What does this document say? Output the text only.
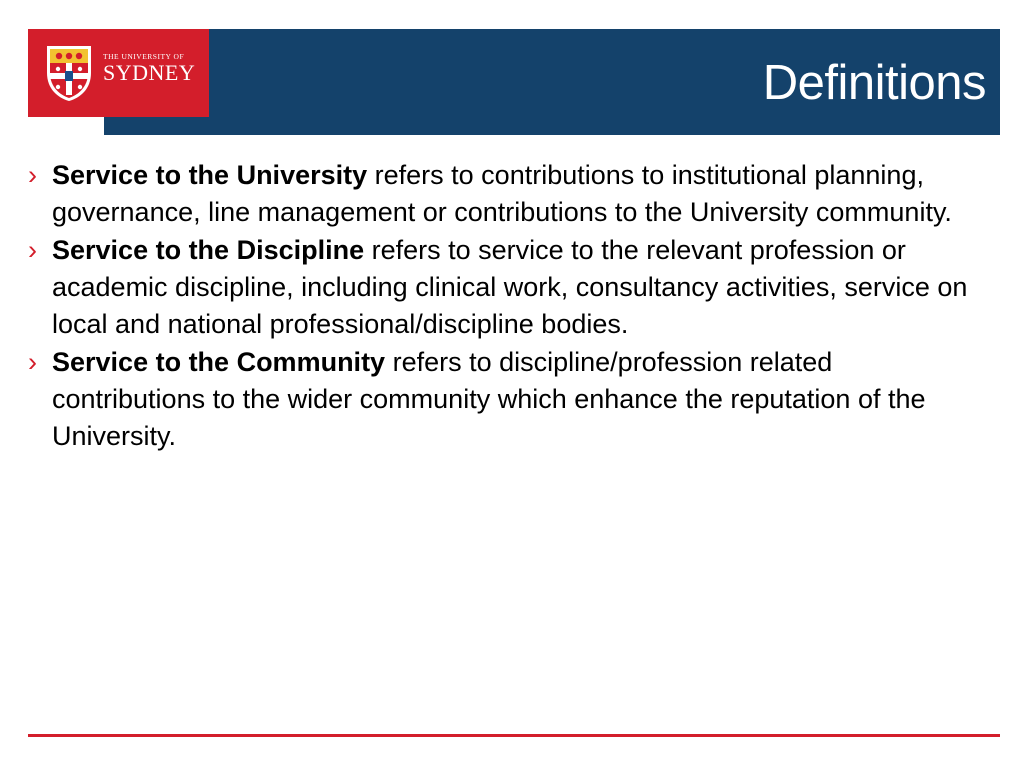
Definitions
THE UNIVERSITY OF
SYDNEY
› Service to the University refers to contributions to institutional planning, governance, line management or contributions to the University community.
› Service to the Discipline refers to service to the relevant profession or academic discipline, including clinical work, consultancy activities, service on local and national professional/discipline bodies.
› Service to the Community refers to discipline/profession related contributions to the wider community which enhance the reputation of the University.
